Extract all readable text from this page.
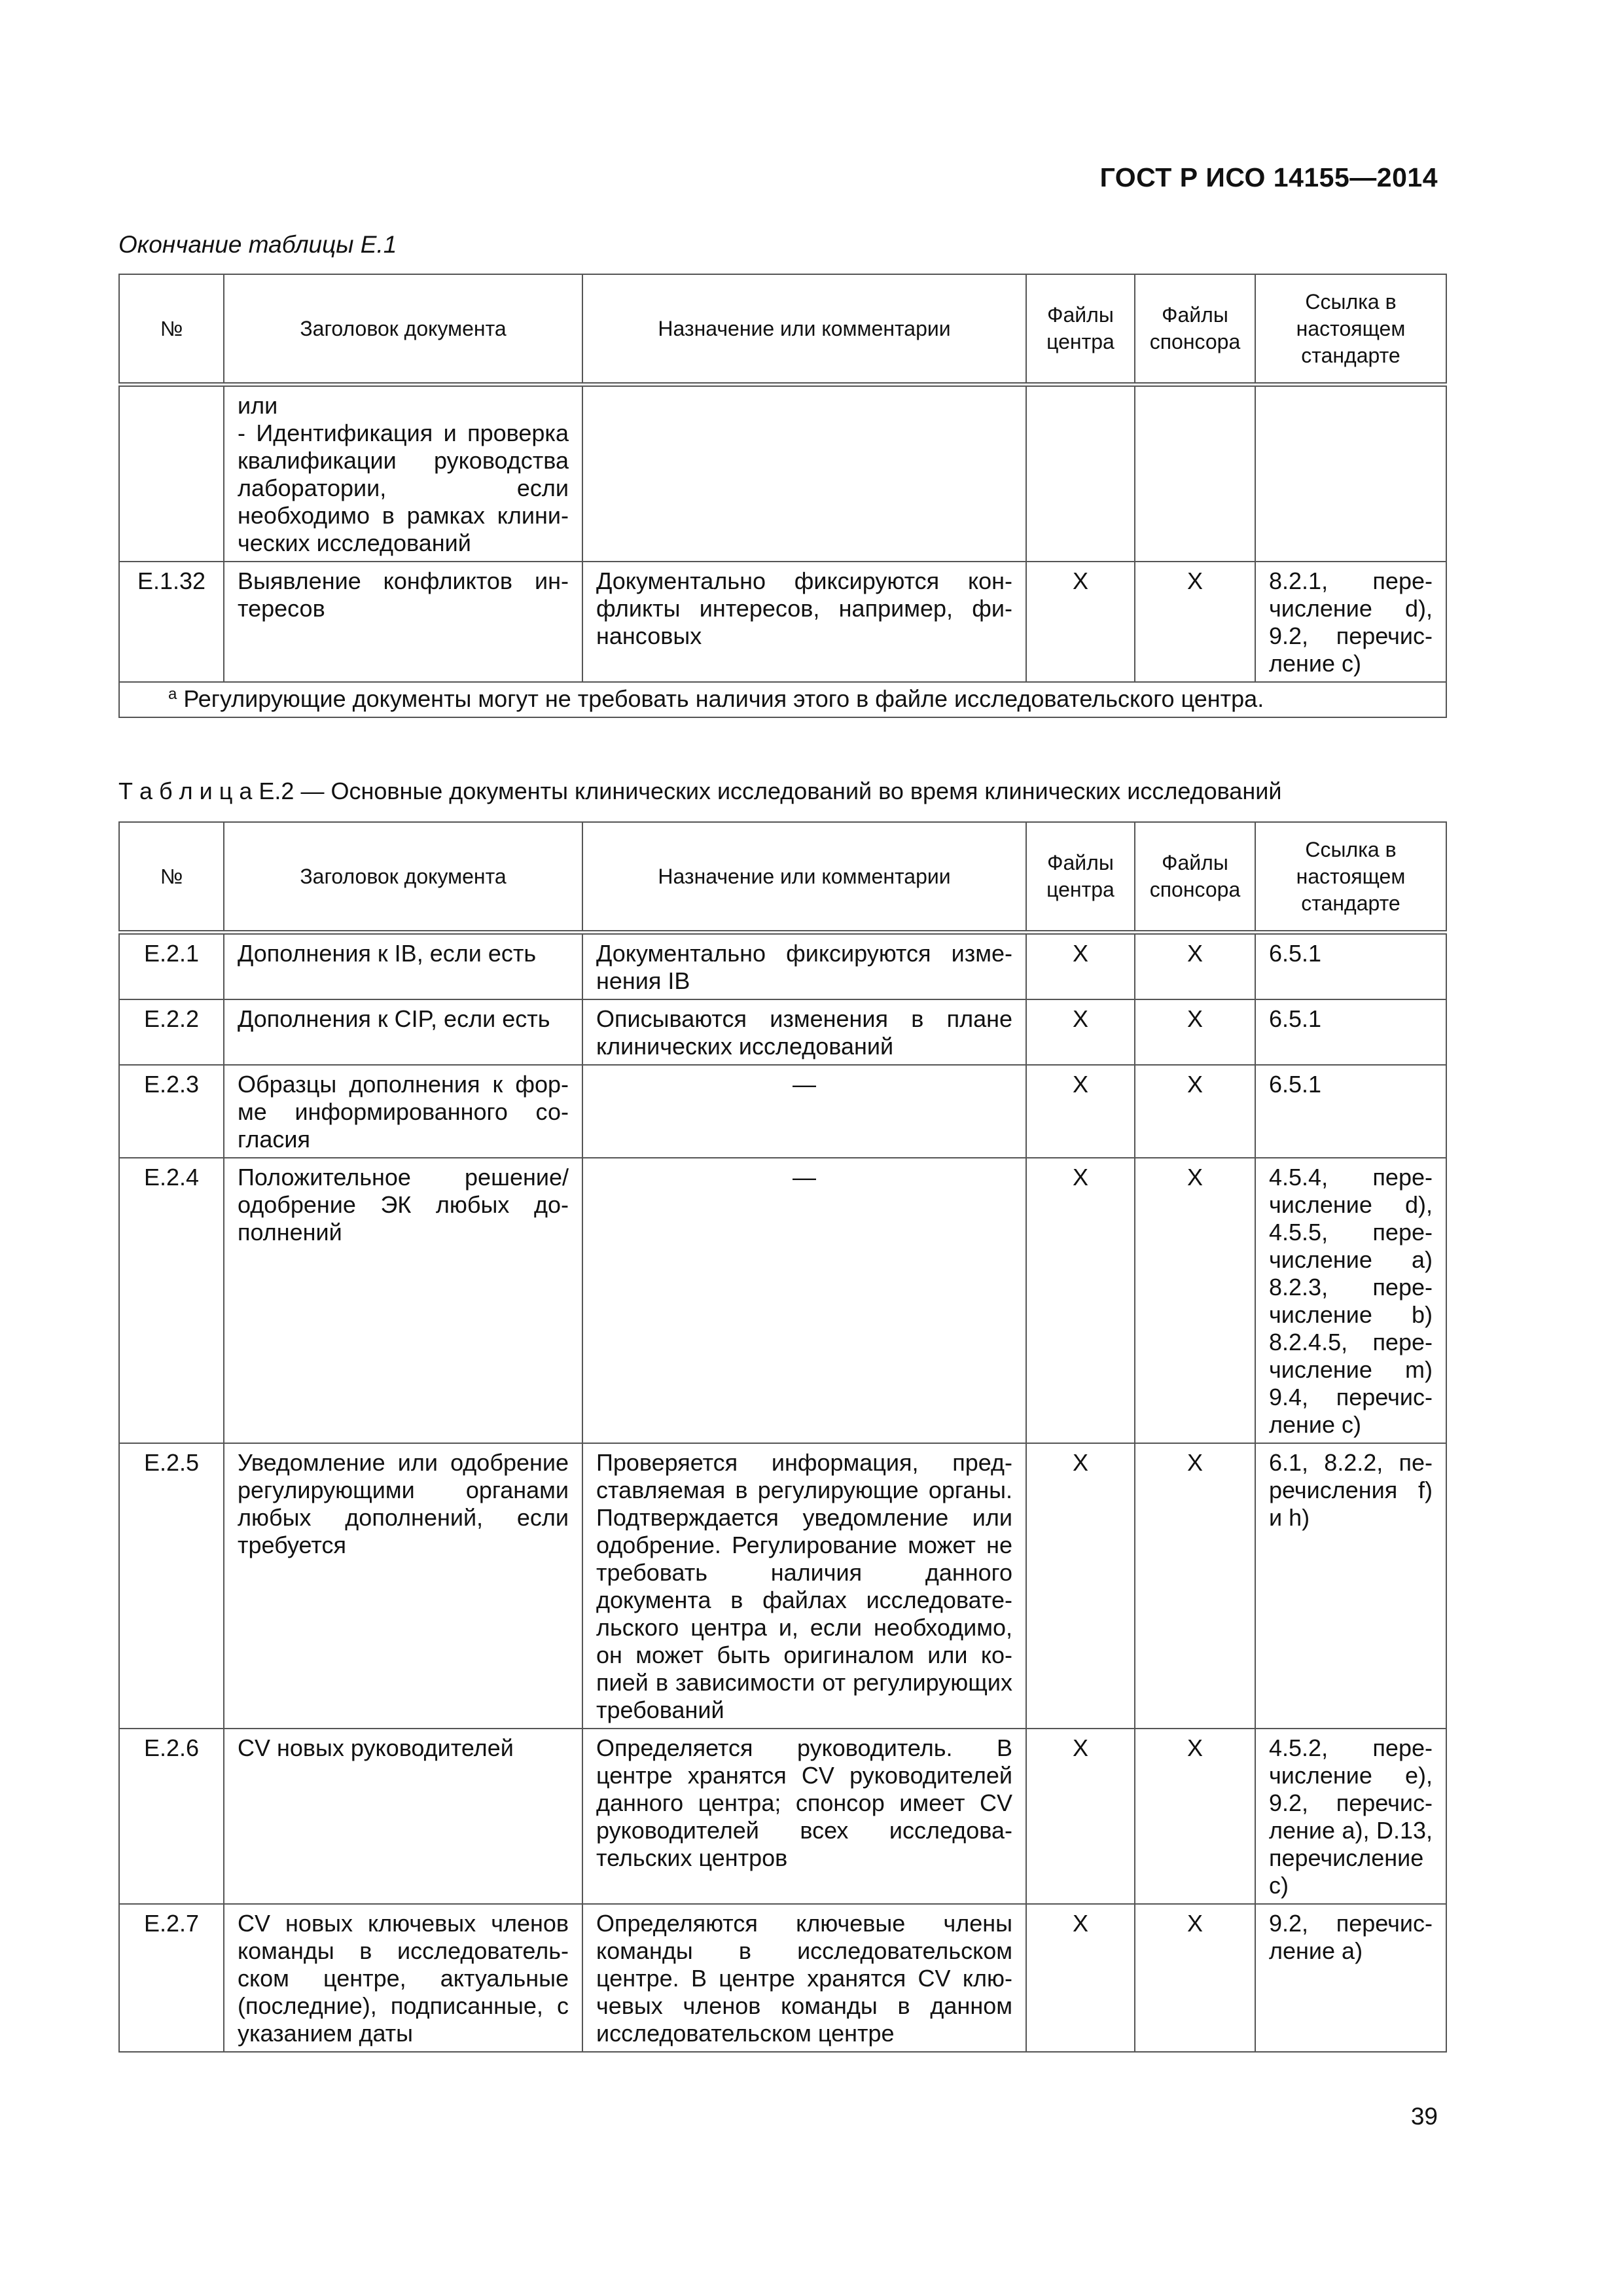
ГОСТ Р ИСО 14155—2014
Окончание таблицы Е.1
№	Заголовок документа	Назначение или комментарии	Файлы центра	Файлы спонсора	Ссылка в настоящем стандарте
	или
- Идентификация и проверка квалификации руководства лаборатории, если необходимо в рамках клинических исследований				
Е.1.32	Выявление конфликтов интересов	Документально фиксируются конфликты интересов, например, финансовых	X	X	8.2.1, перечисление d), 9.2, перечисление с)
$^a$ Регулирующие документы могут не требовать наличия этого в файле исследовательского центра.					
Т а б л и ц а Е.2 — Основные документы клинических исследований во время клинических исследований
№	Заголовок документа	Назначение или комментарии	Файлы центра	Файлы спонсора	Ссылка в настоящем стандарте
Е.2.1	Дополнения к IB, если есть	Документально фиксируются изменения IB	X	X	6.5.1
Е.2.2	Дополнения к CIP, если есть	Описываются изменения в плане клинических исследований	X	X	6.5.1
Е.2.3	Образцы дополнения к форме информированного согласия	—	X	X	6.5.1
Е.2.4	Положительное решение/ одобрение ЭК любых дополнений	—	X	X	4.5.4, перечисление d), 4.5.5, перечисление а) 8.2.3, перечисление b) 8.2.4.5, перечисление m) 9.4, перечисление с)
Е.2.5	Уведомление или одобрение регулирующими органами любых дополнений, если требуется	Проверяется информация, представляемая в регулирующие органы. Подтверждается уведомление или одобрение. Регулирование может не требовать наличия данного документа в файлах исследовательского центра и, если необходимо, он может быть оригиналом или копией в зависимости от регулирующих требований	X	X	6.1, 8.2.2, перечисления f) и h)
Е.2.6	CV новых руководителей	Определяется руководитель. В центре хранятся CV руководителей данного центра; спонсор имеет CV руководителей всех исследовательских центров	X	X	4.5.2, перечисление е), 9.2, перечисление а), D.13, перечисление с)
Е.2.7	CV новых ключевых членов команды в исследовательском центре, актуальные (последние), подписанные, с указанием даты	Определяются ключевые члены команды в исследовательском центре. В центре хранятся CV ключевых членов команды в данном исследовательском центре	X	X	9.2, перечисление а)
39
